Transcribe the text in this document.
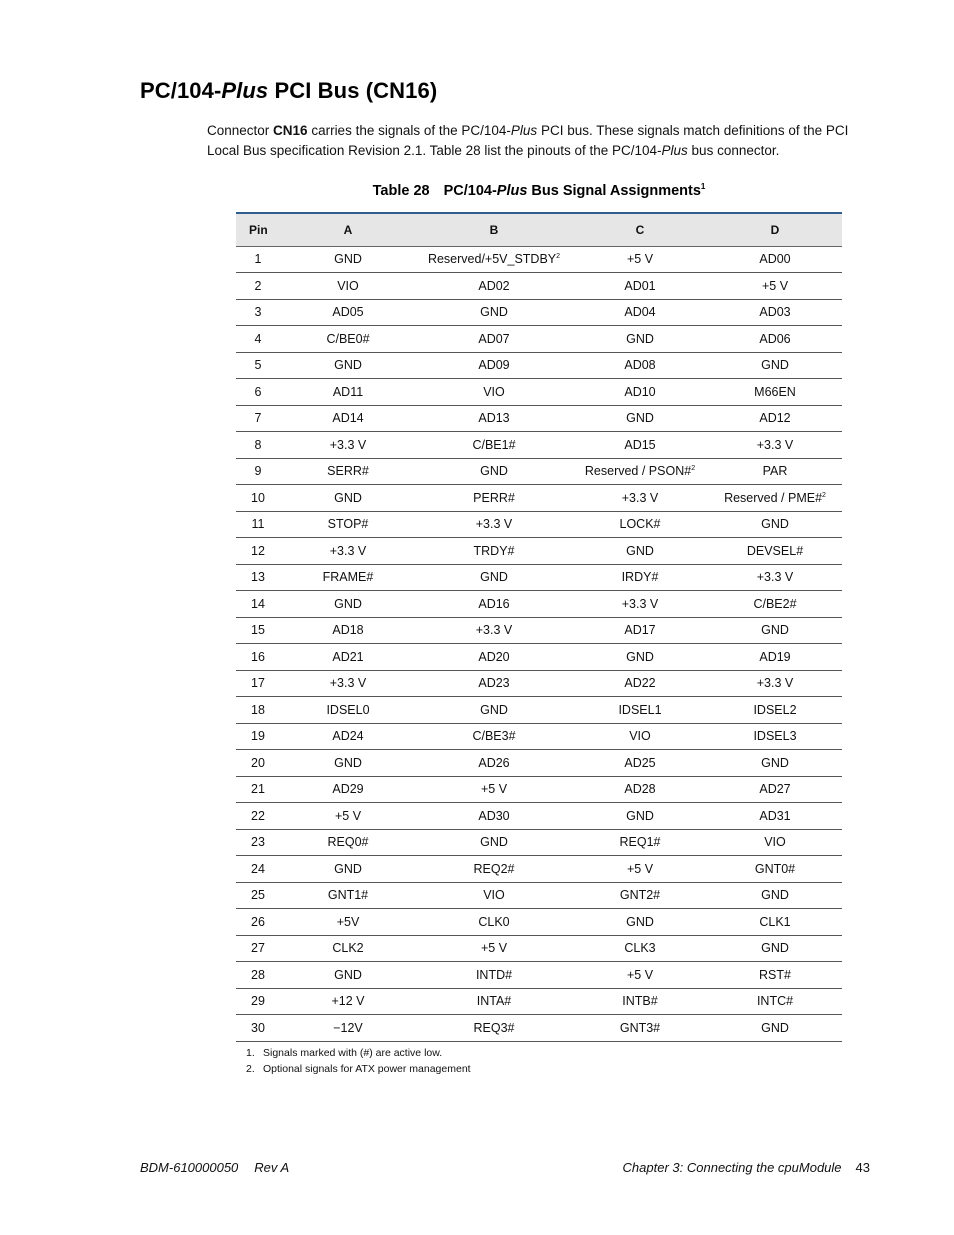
PC/104-Plus PCI Bus (CN16)

Connector CN16 carries the signals of the PC/104-Plus PCI bus. These signals match definitions of the PCI Local Bus specification Revision 2.1. Table 28 list the pinouts of the PC/104-Plus bus connector.

Table 28 PC/104-Plus Bus Signal Assignments$^1$

Pin	A	B	C	D
1	GND	Reserved/+5V_STDBY$^2$	+5 V	AD00
2	VIO	AD02	AD01	+5 V
3	AD05	GND	AD04	AD03
4	C/BE0#	AD07	GND	AD06
5	GND	AD09	AD08	GND
6	AD11	VIO	AD10	M66EN
7	AD14	AD13	GND	AD12
8	+3.3 V	C/BE1#	AD15	+3.3 V
9	SERR#	GND	Reserved / PSON#$^2$	PAR
10	GND	PERR#	+3.3 V	Reserved / PME#$^2$
11	STOP#	+3.3 V	LOCK#	GND
12	+3.3 V	TRDY#	GND	DEVSEL#
13	FRAME#	GND	IRDY#	+3.3 V
14	GND	AD16	+3.3 V	C/BE2#
15	AD18	+3.3 V	AD17	GND
16	AD21	AD20	GND	AD19
17	+3.3 V	AD23	AD22	+3.3 V
18	IDSEL0	GND	IDSEL1	IDSEL2
19	AD24	C/BE3#	VIO	IDSEL3
20	GND	AD26	AD25	GND
21	AD29	+5 V	AD28	AD27
22	+5 V	AD30	GND	AD31
23	REQ0#	GND	REQ1#	VIO
24	GND	REQ2#	+5 V	GNT0#
25	GNT1#	VIO	GNT2#	GND
26	+5V	CLK0	GND	CLK1
27	CLK2	+5 V	CLK3	GND
28	GND	INTD#	+5 V	RST#
29	+12 V	INTA#	INTB#	INTC#
30	−12V	REQ3#	GNT3#	GND
1. Signals marked with (#) are active low.
2. Optional signals for ATX power management
BDM-610000050 Rev A	Chapter 3: Connecting the cpuModule 43
